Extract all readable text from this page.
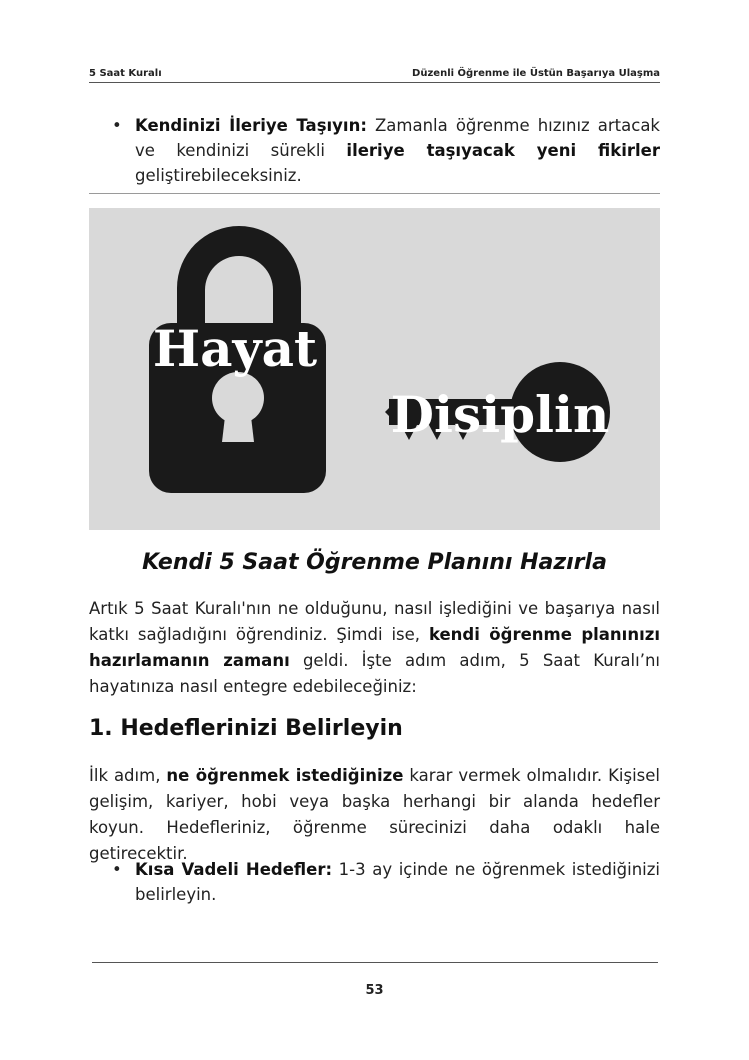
5 Saat Kuralı	Düzenli Öğrenme ile Üstün Başarıya Ulaşma
• Kendinizi İleriye Taşıyın: Zamanla öğrenme hızınız artacak ve kendinizi sürekli ileriye taşıyacak yeni fikirler geliştirebileceksiniz.
Hayat
Disiplin
Kendi 5 Saat Öğrenme Planını Hazırla
Artık 5 Saat Kuralı'nın ne olduğunu, nasıl işlediğini ve başarıya nasıl katkı sağladığını öğrendiniz. Şimdi ise, kendi öğrenme planınızı hazırlamanın zamanı geldi. İşte adım adım, 5 Saat Kuralı’nı hayatınıza nasıl entegre edebileceğiniz:
1. Hedeflerinizi Belirleyin
İlk adım, ne öğrenmek istediğinize karar vermek olmalıdır. Kişisel gelişim, kariyer, hobi veya başka herhangi bir alanda hedefler koyun. Hedefleriniz, öğrenme sürecinizi daha odaklı hale getirecektir.
• Kısa Vadeli Hedefler: 1-3 ay içinde ne öğrenmek istediğinizi belirleyin.
53
